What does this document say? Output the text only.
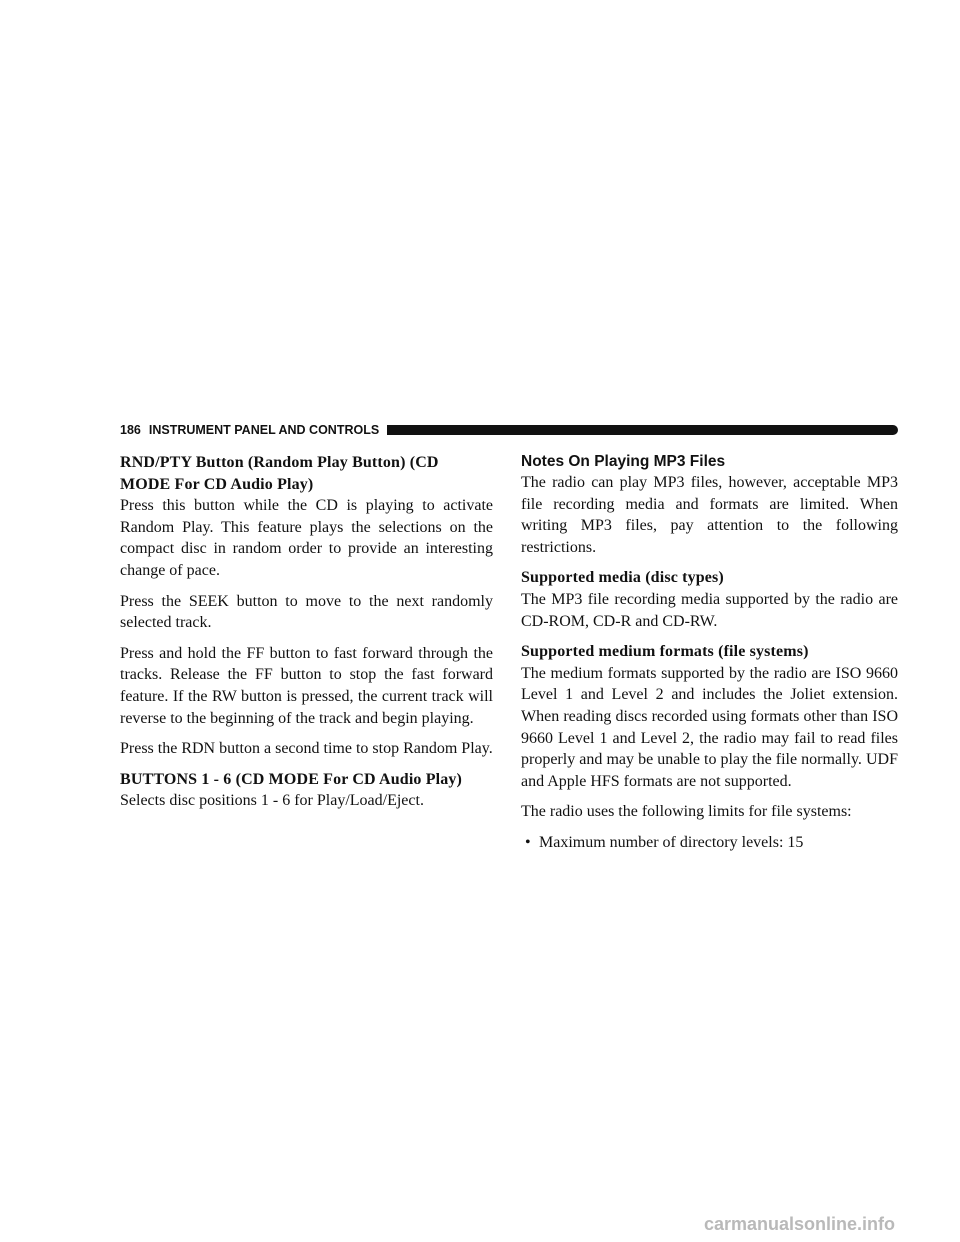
186 INSTRUMENT PANEL AND CONTROLS

RND/PTY Button (Random Play Button) (CD MODE For CD Audio Play)

Press this button while the CD is playing to activate Random Play. This feature plays the selections on the compact disc in random order to provide an interesting change of pace.

Press the SEEK button to move to the next randomly selected track.

Press and hold the FF button to fast forward through the tracks. Release the FF button to stop the fast forward feature. If the RW button is pressed, the current track will reverse to the beginning of the track and begin playing.

Press the RDN button a second time to stop Random Play.

BUTTONS 1 - 6 (CD MODE For CD Audio Play)

Selects disc positions 1 - 6 for Play/Load/Eject.

Notes On Playing MP3 Files

The radio can play MP3 files, however, acceptable MP3 file recording media and formats are limited. When writing MP3 files, pay attention to the following restrictions.

Supported media (disc types)

The MP3 file recording media supported by the radio are CD-ROM, CD-R and CD-RW.

Supported medium formats (file systems)

The medium formats supported by the radio are ISO 9660 Level 1 and Level 2 and includes the Joliet extension. When reading discs recorded using formats other than ISO 9660 Level 1 and Level 2, the radio may fail to read files properly and may be unable to play the file normally. UDF and Apple HFS formats are not supported.

The radio uses the following limits for file systems:

• Maximum number of directory levels: 15
carmanualsonline.info
